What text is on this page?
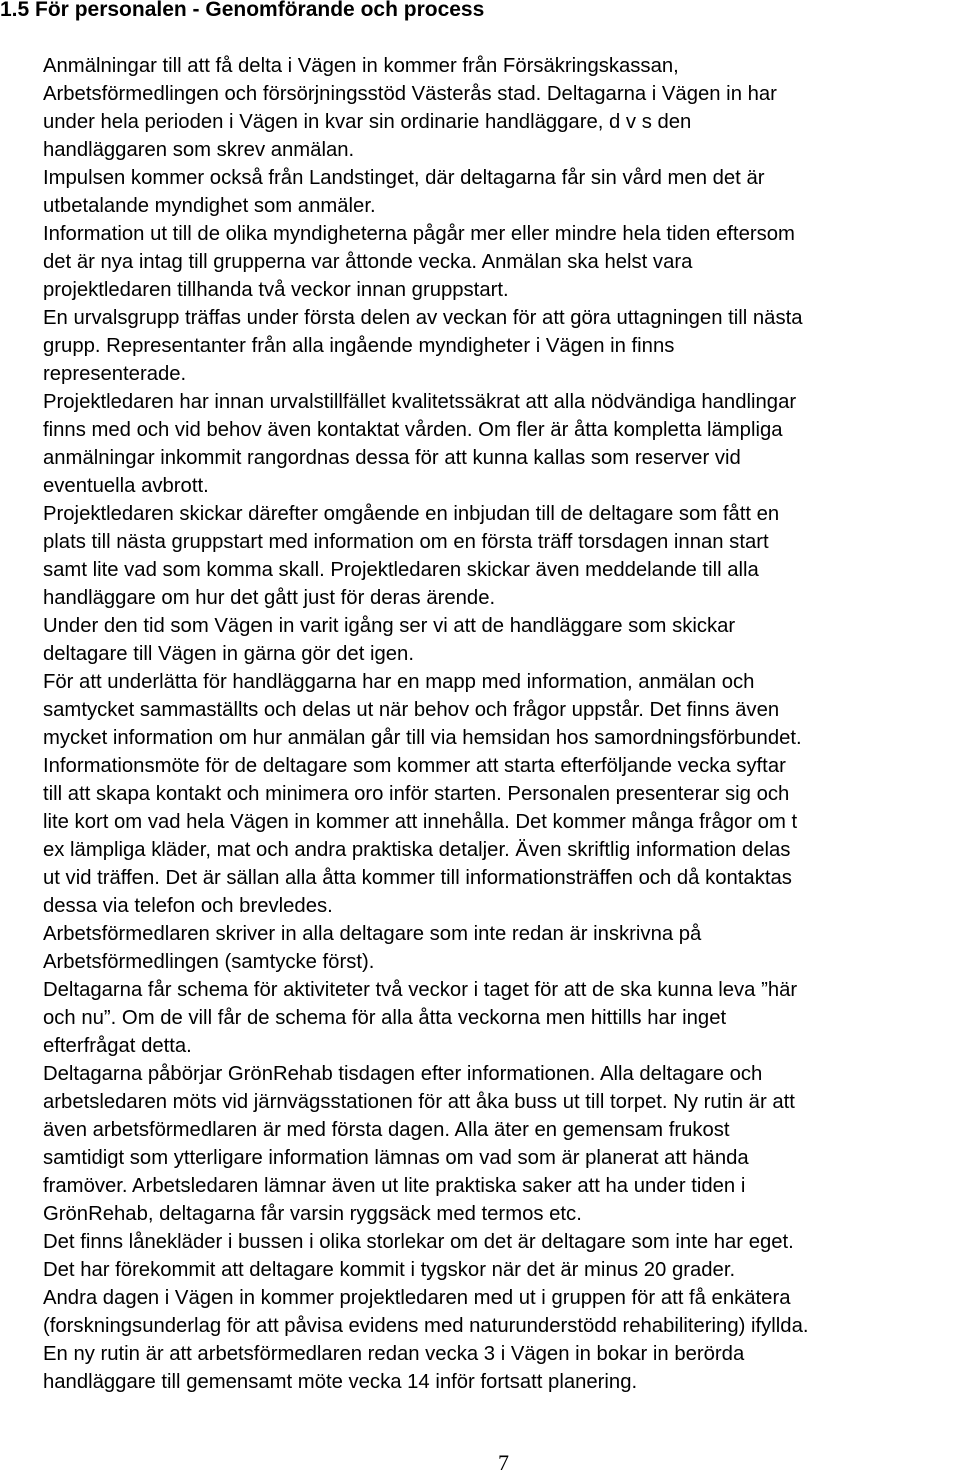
1.5 För personalen - Genomförande och process
Anmälningar till att få delta i Vägen in kommer från Försäkringskassan,
Arbetsförmedlingen och försörjningsstöd Västerås stad. Deltagarna i Vägen in har
under hela perioden i Vägen in kvar sin ordinarie handläggare, d v s den
handläggaren som skrev anmälan.
Impulsen kommer också från Landstinget, där deltagarna får sin vård men det är
utbetalande myndighet som anmäler.
Information ut till de olika myndigheterna pågår mer eller mindre hela tiden eftersom
det är nya intag till grupperna var åttonde vecka. Anmälan ska helst vara
projektledaren tillhanda två veckor innan gruppstart.
En urvalsgrupp träffas under första delen av veckan för att göra uttagningen till nästa
grupp. Representanter från alla ingående myndigheter i Vägen in finns
representerade.
Projektledaren har innan urvalstillfället kvalitetssäkrat att alla nödvändiga handlingar
finns med och vid behov även kontaktat vården. Om fler är åtta kompletta lämpliga
anmälningar inkommit rangordnas dessa för att kunna kallas som reserver vid
eventuella avbrott.
Projektledaren skickar därefter omgående en inbjudan till de deltagare som fått en
plats till nästa gruppstart med information om en första träff torsdagen innan start
samt lite vad som komma skall. Projektledaren skickar även meddelande till alla
handläggare om hur det gått just för deras ärende.
Under den tid som Vägen in varit igång ser vi att de handläggare som skickar
deltagare till Vägen in gärna gör det igen.
För att underlätta för handläggarna har en mapp med information, anmälan och
samtycket sammaställts och delas ut när behov och frågor uppstår. Det finns även
mycket information om hur anmälan går till via hemsidan hos samordningsförbundet.
Informationsmöte för de deltagare som kommer att starta efterföljande vecka syftar
till att skapa kontakt och minimera oro inför starten. Personalen presenterar sig och
lite kort om vad hela Vägen in kommer att innehålla. Det kommer många frågor om t
ex lämpliga kläder, mat och andra praktiska detaljer. Även skriftlig information delas
ut vid träffen. Det är sällan alla åtta kommer till informationsträffen och då kontaktas
dessa via telefon och brevledes.
Arbetsförmedlaren skriver in alla deltagare som inte redan är inskrivna på
Arbetsförmedlingen (samtycke först).
Deltagarna får schema för aktiviteter två veckor i taget för att de ska kunna leva ”här
och nu”. Om de vill får de schema för alla åtta veckorna men hittills har inget
efterfrågat detta.
Deltagarna påbörjar GrönRehab tisdagen efter informationen. Alla deltagare och
arbetsledaren möts vid järnvägsstationen för att åka buss ut till torpet. Ny rutin är att
även arbetsförmedlaren är med första dagen. Alla äter en gemensam frukost
samtidigt som ytterligare information lämnas om vad som är planerat att hända
framöver. Arbetsledaren lämnar även ut lite praktiska saker att ha under tiden i
GrönRehab, deltagarna får varsin ryggsäck med termos etc.
Det finns lånekläder i bussen i olika storlekar om det är deltagare som inte har eget.
Det har förekommit att deltagare kommit i tygskor när det är minus 20 grader.
Andra dagen i Vägen in kommer projektledaren med ut i gruppen för att få enkätera
(forskningsunderlag för att påvisa evidens med naturunderstödd rehabilitering) ifyllda.
En ny rutin är att arbetsförmedlaren redan vecka 3 i Vägen in bokar in berörda
handläggare till gemensamt möte vecka 14 inför fortsatt planering.
7
